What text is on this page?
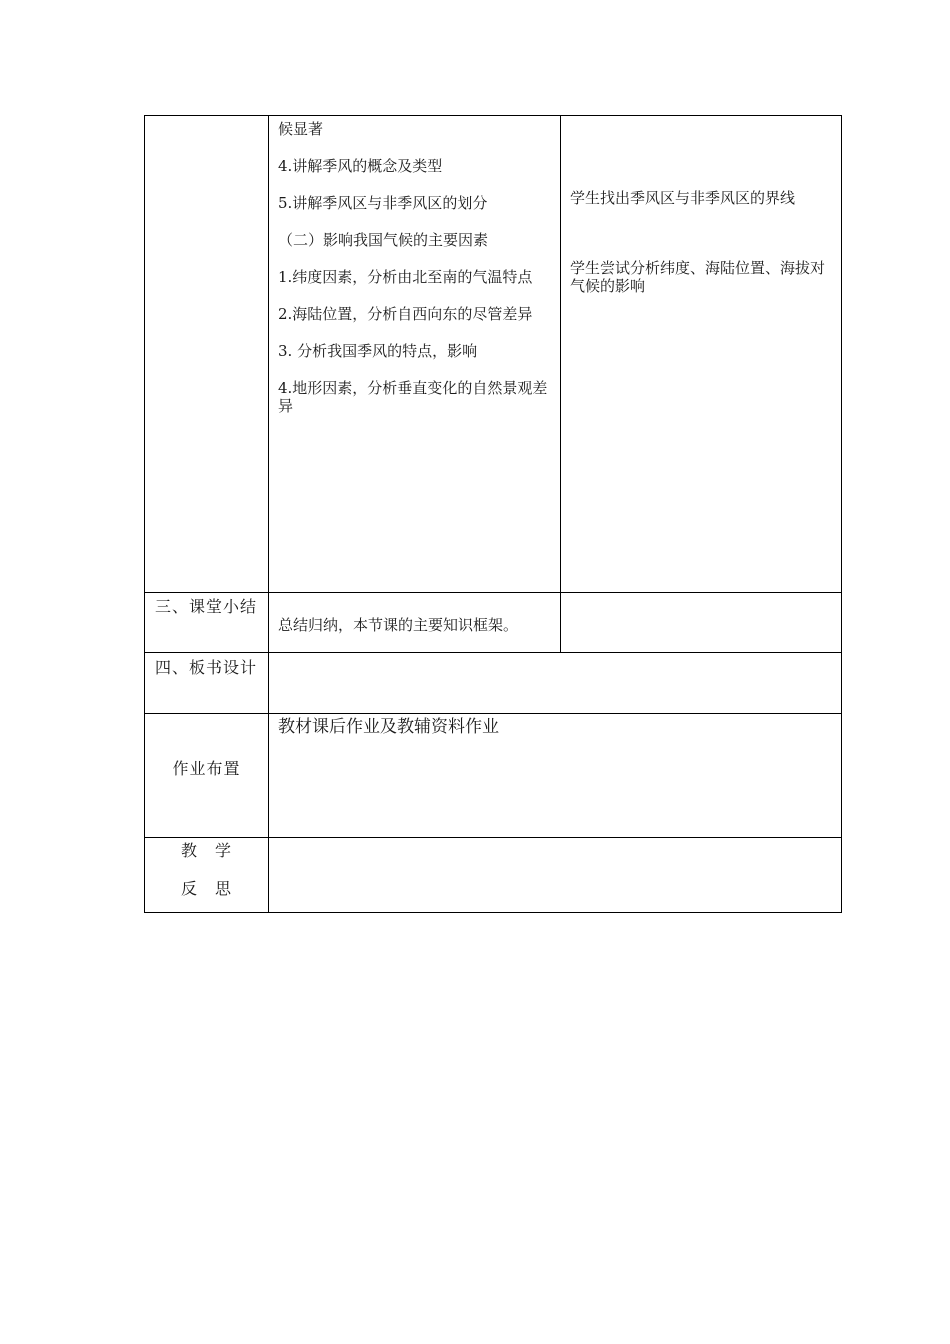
候显著

4.讲解季风的概念及类型

5.讲解季风区与非季风区的划分

（二）影响我国气候的主要因素

1.纬度因素，分析由北至南的气温特点

2.海陆位置，分析自西向东的尽管差异

3. 分析我国季风的特点，影响

4.地形因素，分析垂直变化的自然景观差异

学生找出季风区与非季风区的界线

学生尝试分析纬度、海陆位置、海拔对气候的影响

三、课堂小结
总结归纳，本节课的主要知识框架。
四、板书设计
作业布置
教材课后作业及教辅资料作业
教　学
反　思
